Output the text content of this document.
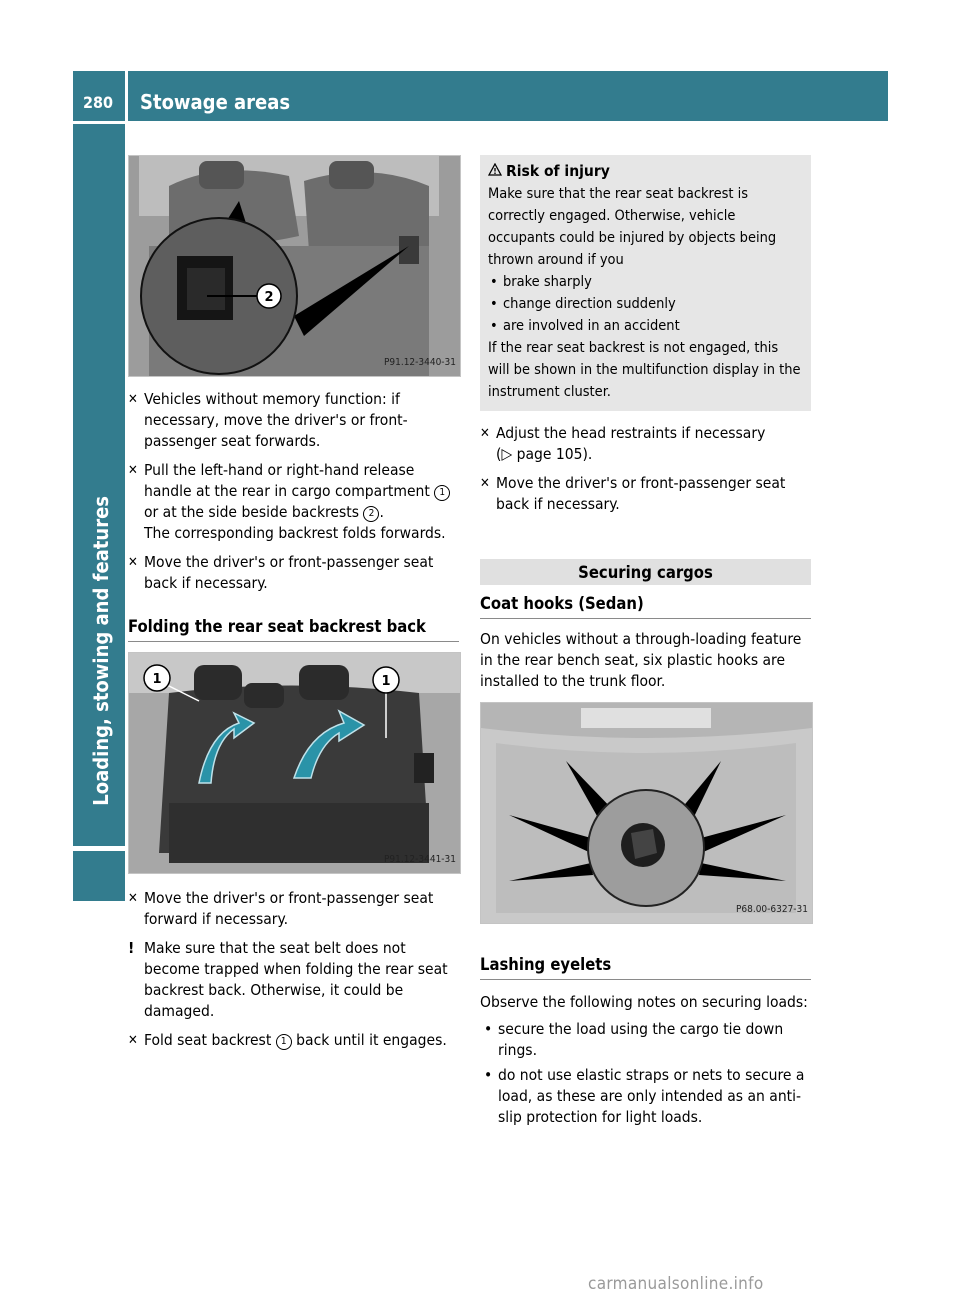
280 Stowage areas
Loading, stowing and features
2
P91.12-3440-31
✕ Vehicles without memory function: if necessary, move the driver's or front-passenger seat forwards.
✕ Pull the left-hand or right-hand release handle at the rear in cargo compartment 1 or at the side beside backrests 2 .
The corresponding backrest folds forwards.
✕ Move the driver's or front-passenger seat back if necessary.

Folding the rear seat backrest back

1	1
P91.12-3441-31
✕ Move the driver's or front-passenger seat forward if necessary.
! Make sure that the seat belt does not become trapped when folding the rear seat backrest back. Otherwise, it could be damaged.
✕ Fold seat backrest 1 back until it engages.
Risk of injury
Make sure that the rear seat backrest is correctly engaged. Otherwise, vehicle occupants could be injured by objects being thrown around if you
• brake sharply
• change direction suddenly
• are involved in an accident
If the rear seat backrest is not engaged, this will be shown in the multifunction display in the instrument cluster.
✕ Adjust the head restraints if necessary
(▷ page 105).
✕ Move the driver's or front-passenger seat back if necessary.
Securing cargos

Coat hooks (Sedan)

On vehicles without a through-loading feature in the rear bench seat, six plastic hooks are installed to the trunk floor.
P68.00-6327-31

Lashing eyelets

Observe the following notes on securing loads:
• secure the load using the cargo tie down rings.
• do not use elastic straps or nets to secure a load, as these are only intended as an anti-slip protection for light loads.
carmanualsonline.info
